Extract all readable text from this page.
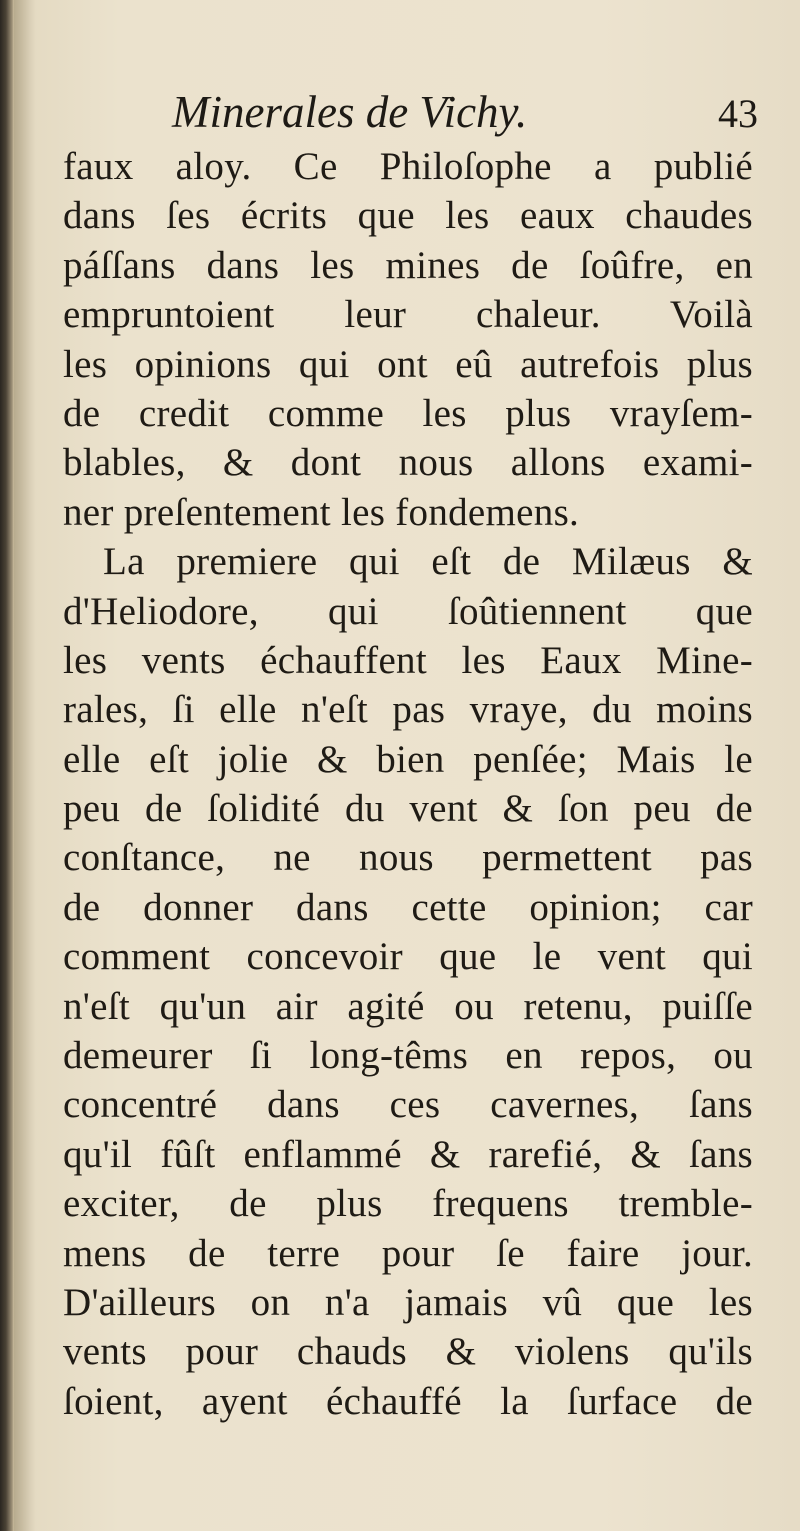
Minerales de Vichy.	43
faux aloy. Ce Philoſophe a publié
dans ſes écrits que les eaux chaudes
páſſans dans les mines de ſoûfre, en
empruntoient leur chaleur. Voilà
les opinions qui ont eû autrefois plus
de credit comme les plus vrayſem-
blables, & dont nous allons exami-
ner preſentement les fondemens.
La premiere qui eſt de Milæus &
d'Heliodore, qui ſoûtiennent que
les vents échauffent les Eaux Mine-
rales, ſi elle n'eſt pas vraye, du moins
elle eſt jolie & bien penſée; Mais le
peu de ſolidité du vent & ſon peu de
conſtance, ne nous permettent pas
de donner dans cette opinion; car
comment concevoir que le vent qui
n'eſt qu'un air agité ou retenu, puiſſe
demeurer ſi long-têms en repos, ou
concentré dans ces cavernes, ſans
qu'il fûſt enflammé & rarefié, & ſans
exciter, de plus frequens tremble-
mens de terre pour ſe faire jour.
D'ailleurs on n'a jamais vû que les
vents pour chauds & violens qu'ils
ſoient, ayent échauffé la ſurface de
